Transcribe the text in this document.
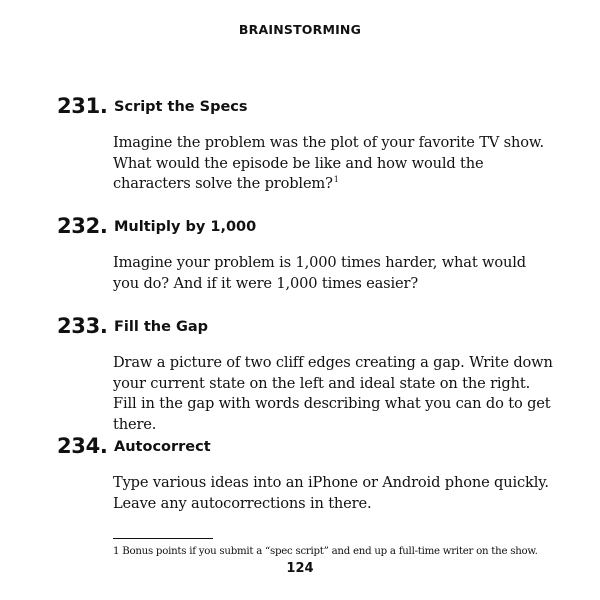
BRAINSTORMING
231. Script the Specs

Imagine the problem was the plot of your favorite TV show. What would the episode be like and how would the characters solve the problem?$^1$

232. Multiply by 1,000

Imagine your problem is 1,000 times harder, what would you do? And if it were 1,000 times easier?

233. Fill the Gap

Draw a picture of two cliff edges creating a gap. Write down your current state on the left and ideal state on the right. Fill in the gap with words describing what you can do to get there.

234. Autocorrect

Type various ideas into an iPhone or Android phone quickly. Leave any autocorrections in there.

1 Bonus points if you submit a “spec script” and end up a full-time writer on the show.
124
